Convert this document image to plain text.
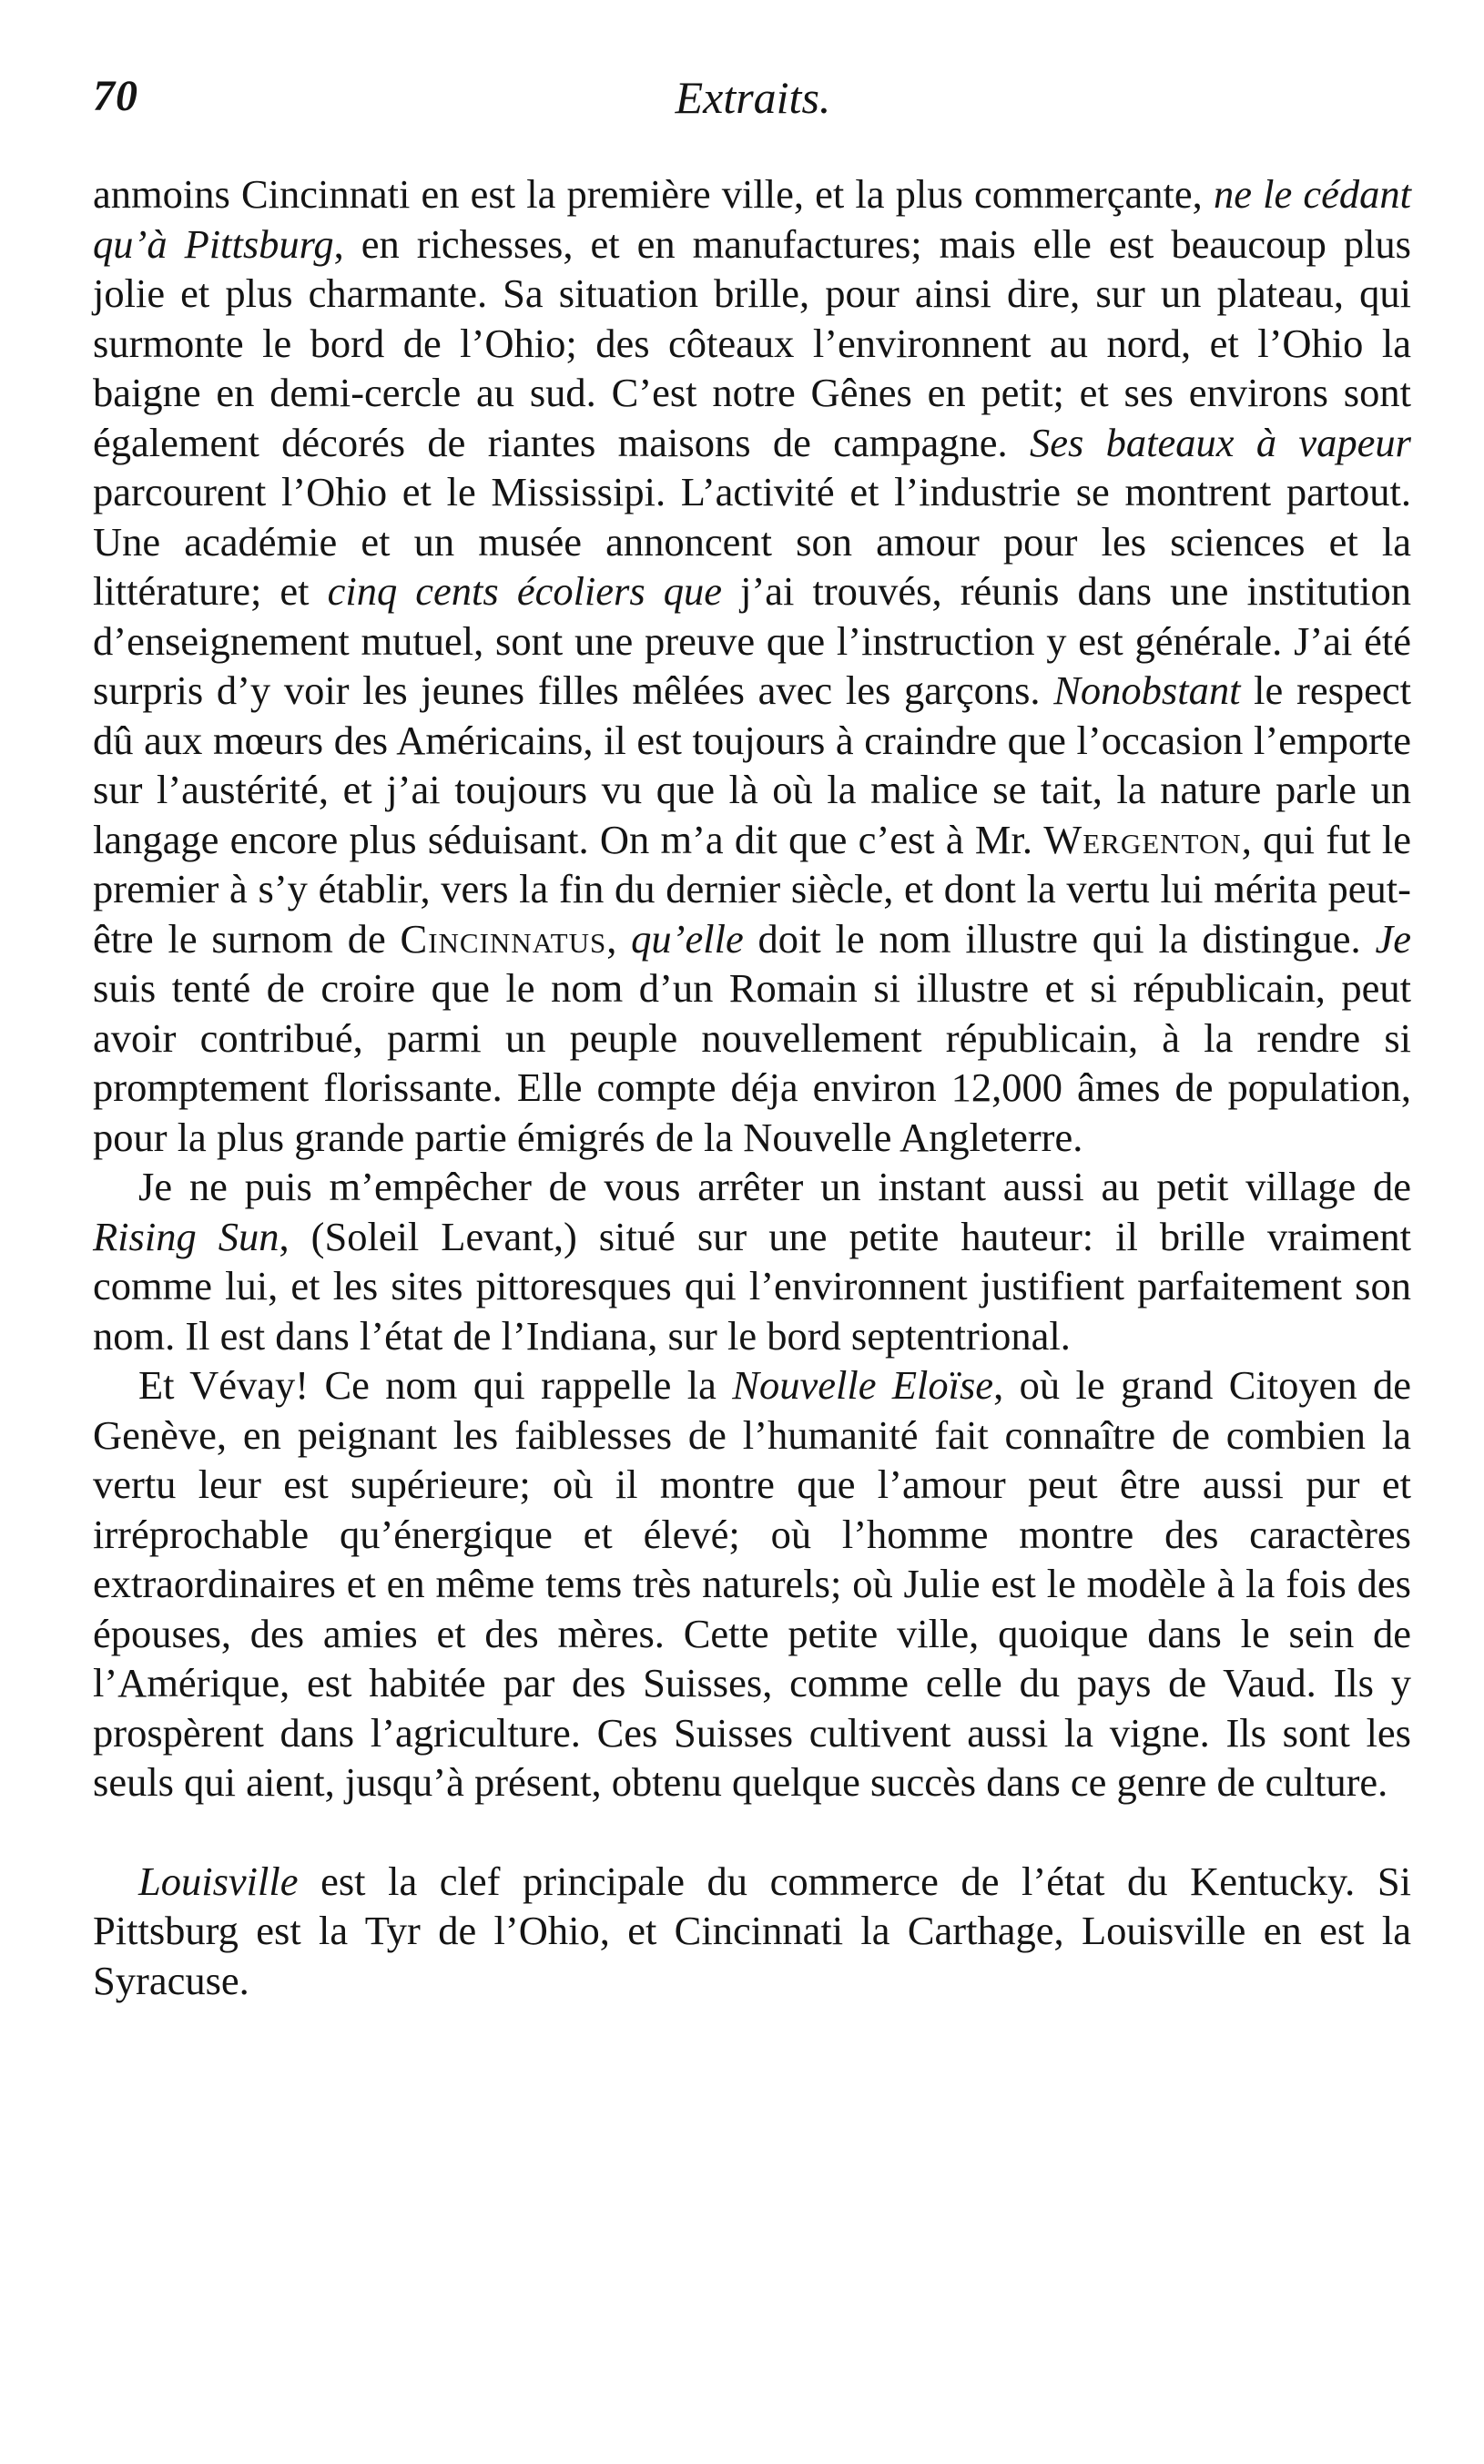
70	Extraits.

anmoins Cincinnati en est la première ville, et la plus commerçante, ne le cédant qu’à Pittsburg, en richesses, et en manufactures; mais elle est beaucoup plus jolie et plus charmante. Sa situation brille, pour ainsi dire, sur un plateau, qui surmonte le bord de l’Ohio; des côteaux l’environnent au nord, et l’Ohio la baigne en demi-cercle au sud. C’est notre Gênes en petit; et ses environs sont également décorés de riantes maisons de campagne. Ses bateaux à vapeur parcourent l’Ohio et le Mississipi. L’activité et l’industrie se montrent partout. Une académie et un musée annoncent son amour pour les sciences et la littérature; et cinq cents écoliers que j’ai trouvés, réunis dans une institution d’enseignement mutuel, sont une preuve que l’instruction y est générale. J’ai été surpris d’y voir les jeunes filles mêlées avec les garçons. Nonobstant le respect dû aux mœurs des Américains, il est toujours à craindre que l’occasion l’emporte sur l’austérité, et j’ai toujours vu que là où la malice se tait, la nature parle un langage encore plus séduisant. On m’a dit que c’est à Mr. Wergenton, qui fut le premier à s’y établir, vers la fin du dernier siècle, et dont la vertu lui mérita peut-être le surnom de Cincinnatus, qu’elle doit le nom illustre qui la distingue. Je suis tenté de croire que le nom d’un Romain si illustre et si républicain, peut avoir contribué, parmi un peuple nouvellement républicain, à la rendre si promptement florissante. Elle compte déja environ 12,000 âmes de population, pour la plus grande partie émigrés de la Nouvelle Angleterre.

Je ne puis m’empêcher de vous arrêter un instant aussi au petit village de Rising Sun, (Soleil Levant,) situé sur une petite hauteur: il brille vraiment comme lui, et les sites pittoresques qui l’environnent justifient parfaitement son nom. Il est dans l’état de l’Indiana, sur le bord septentrional.

Et Vévay! Ce nom qui rappelle la Nouvelle Eloïse, où le grand Citoyen de Genève, en peignant les faiblesses de l’humanité fait connaître de combien la vertu leur est supérieure; où il montre que l’amour peut être aussi pur et irréprochable qu’énergique et élevé; où l’homme montre des caractères extraordinaires et en même tems très naturels; où Julie est le modèle à la fois des épouses, des amies et des mères. Cette petite ville, quoique dans le sein de l’Amérique, est habitée par des Suisses, comme celle du pays de Vaud. Ils y prospèrent dans l’agriculture. Ces Suisses cultivent aussi la vigne. Ils sont les seuls qui aient, jusqu’à présent, obtenu quelque succès dans ce genre de culture.

Louisville est la clef principale du commerce de l’état du Kentucky. Si Pittsburg est la Tyr de l’Ohio, et Cincinnati la Carthage, Louisville en est la Syracuse.
